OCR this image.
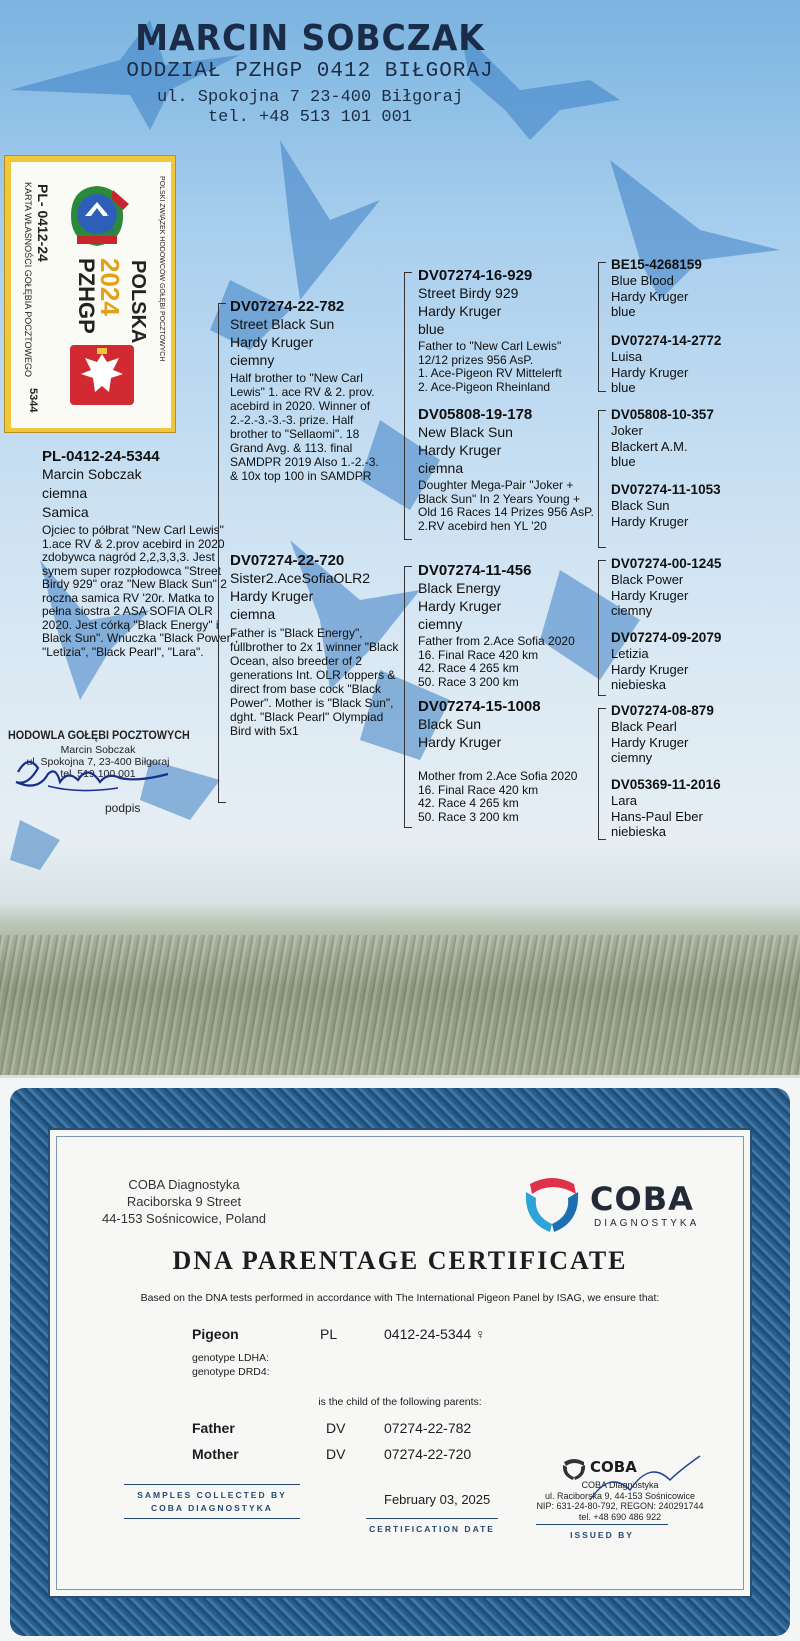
MARCIN SOBCZAK
ODDZIAŁ PZHGP 0412 BIŁGORAJ
ul. Spokojna 7 23-400 Biłgoraj
tel. +48 513 101 001
PL- 0412-24
KARTA WŁASNOŚCI GOŁĘBIA POCZTOWEGO	POLSKI ZWIĄZEK HODOWCÓW GOŁĘBI POCZTOWYCH
PZHGP
POLSKA
2024
PZHGP
5344
PL-0412-24-5344
Marcin Sobczak
ciemna
Samica
Ojciec to półbrat "New Carl Lewis" 1.ace RV & 2.prov acebird in 2020 zdobywca nagród 2,2,3,3,3. Jest synem super rozpłodowca "Street Birdy 929" oraz "New Black Sun" 2 roczna samica RV '20r. Matka to pełna siostra 2 ASA SOFIA OLR 2020. Jest córką "Black Energy" i Black Sun". Wnuczka "Black Power", "Letizia", "Black Pearl", "Lara".
HODOWLA GOŁĘBI POCZTOWYCH
Marcin Sobczak
ul. Spokojna 7, 23-400 Biłgoraj
tel. 519 100 001
podpis
DV07274-22-782
Street Black Sun
Hardy Kruger
ciemny
Half brother to "New Carl Lewis" 1. ace RV & 2. prov. acebird in 2020. Winner of 2.-2.-3.-3.-3. prize. Half brother to "Sellaomi". 18 Grand Avg. & 113. final SAMDPR 2019 Also 1.-2.-3. & 10x top 100 in SAMDPR
DV07274-22-720
Sister2.AceSofiaOLR2
Hardy Kruger
ciemna
Father is "Black Energy", fullbrother to 2x 1 winner "Black Ocean, also breeder of 2 generations Int. OLR toppers & direct from base cock "Black Power". Mother is "Black Sun", dght. "Black Pearl" Olympiad Bird with 5x1
DV07274-16-929
Street Birdy 929
Hardy Kruger
blue
Father to "New Carl Lewis"
12/12 prizes 956 AsP.
1. Ace-Pigeon RV Mittelerft
2. Ace-Pigeon Rheinland
DV05808-19-178
New Black Sun
Hardy Kruger
ciemna
Doughter Mega-Pair "Joker + Black Sun" In 2 Years Young + Old 16 Races 14 Prizes 956 AsP. 2.RV acebird hen YL '20
DV07274-11-456
Black Energy
Hardy Kruger
ciemny
Father from 2.Ace Sofia 2020
16. Final Race 420 km
42. Race 4 265 km
50. Race 3 200 km
DV07274-15-1008
Black Sun
Hardy Kruger
Mother from 2.Ace Sofia 2020
16. Final Race 420 km
42. Race 4 265 km
50. Race 3 200 km
BE15-4268159
Blue Blood
Hardy Kruger
blue
DV07274-14-2772
Luisa
Hardy Kruger
blue
DV05808-10-357
Joker
Blackert A.M.
blue
DV07274-11-1053
Black Sun
Hardy Kruger
DV07274-00-1245
Black Power
Hardy Kruger
ciemny
DV07274-09-2079
Letizia
Hardy Kruger
niebieska
DV07274-08-879
Black Pearl
Hardy Kruger
ciemny
DV05369-11-2016
Lara
Hans-Paul Eber
niebieska
COBA Diagnostyka
Raciborska 9 Street
44-153 Sośnicowice, Poland
COBA
DIAGNOSTYKA
DNA PARENTAGE CERTIFICATE
Based on the DNA tests performed in accordance with The International Pigeon Panel by ISAG, we ensure that:
Pigeon	PL	0412-24-5344 ♀
genotype LDHA:
genotype DRD4:
is the child of the following parents:
Father	DV	07274-22-782
Mother	DV	07274-22-720
SAMPLES COLLECTED BY
COBA DIAGNOSTYKA
February 03, 2025
CERTIFICATION DATE
COBA
COBA Diagnostyka
ul. Raciborska 9, 44-153 Sośnicowice
NIP: 631-24-80-792, REGON: 240291744
tel. +48 690 486 922
ISSUED BY
